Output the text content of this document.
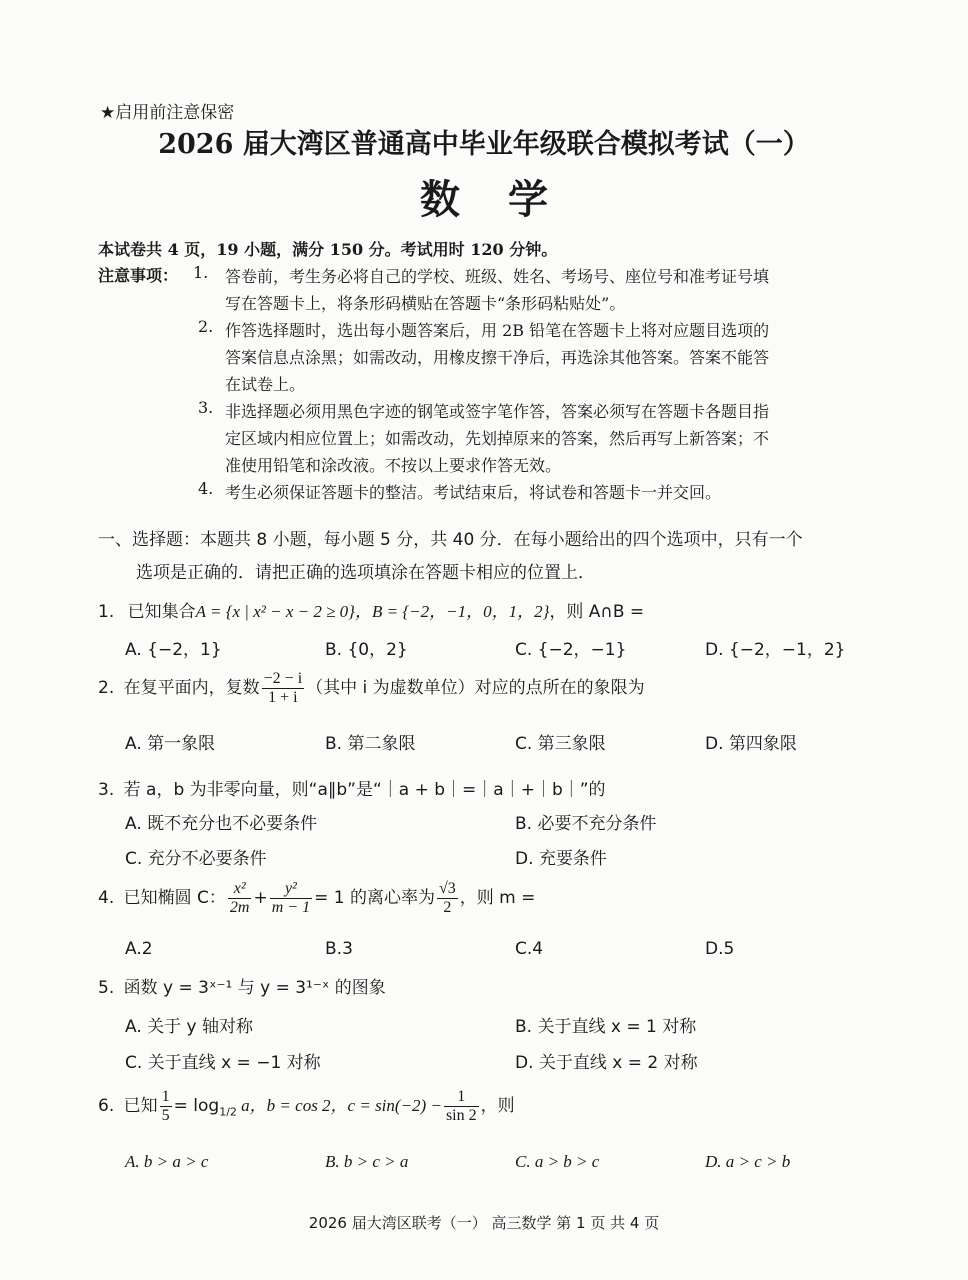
★启用前注意保密
2026 届大湾区普通高中毕业年级联合模拟考试（一）
数学
本试卷共 4 页，19 小题，满分 150 分。考试用时 120 分钟。
注意事项： 1. 答卷前，考生务必将自己的学校、班级、姓名、考场号、座位号和准考证号填
写在答题卡上，将条形码横贴在答题卡“条形码粘贴处”。
2. 作答选择题时，选出每小题答案后，用 2B 铅笔在答题卡上将对应题目选项的
答案信息点涂黑；如需改动，用橡皮擦干净后，再选涂其他答案。答案不能答
在试卷上。
3. 非选择题必须用黑色字迹的钢笔或签字笔作答，答案必须写在答题卡各题目指
定区域内相应位置上；如需改动，先划掉原来的答案，然后再写上新答案；不
准使用铅笔和涂改液。不按以上要求作答无效。
4. 考生必须保证答题卡的整洁。考试结束后，将试卷和答题卡一并交回。
一、选择题：本题共 8 小题，每小题 5 分，共 40 分．在每小题给出的四个选项中，只有一个
选项是正确的．请把正确的选项填涂在答题卡相应的位置上．
1. 已知集合A = {x | x² − x − 2 ≥ 0}，B = {−2，−1，0，1，2}，则 A∩B =
A. {−2，1}	B. {0，2}	C. {−2，−1}	D. {−2，−1，2}
2. 在复平面内，复数 $\frac{-2 - i}{1 + i}$ （其中 i 为虚数单位）对应的点所在的象限为
A. 第一象限	B. 第二象限	C. 第三象限	D. 第四象限
3. 若 a，b 为非零向量，则“a∥b”是“｜a + b｜=｜a｜+｜b｜”的
A. 既不充分也不必要条件	B. 必要不充分条件
C. 充分不必要条件	D. 充要条件
4. 已知椭圆 C： $\frac{\text{x²}}{2m} + \frac{\text{y²}}{m - 1} = 1$ 的离心率为 $\frac{√3}{2}$ ，则 m =
A.2	B.3	C.4	D.5
5. 函数 y = 3ˣ⁻¹ 与 y = 3¹⁻ˣ 的图象
A. 关于 y 轴对称	B. 关于直线 x = 1 对称
C. 关于直线 x = −1 对称	D. 关于直线 x = 2 对称
6. 已知 $\frac{1}{5} = \log_{1/2} a$，b = cos 2，$c = \sin(-2) - \frac{1}{\sin 2}$ ，则
A. b > a > c	B. b > c > a	C. a > b > c	D. a > c > b
2026 届大湾区联考（一） 高三数学 第 1 页 共 4 页
